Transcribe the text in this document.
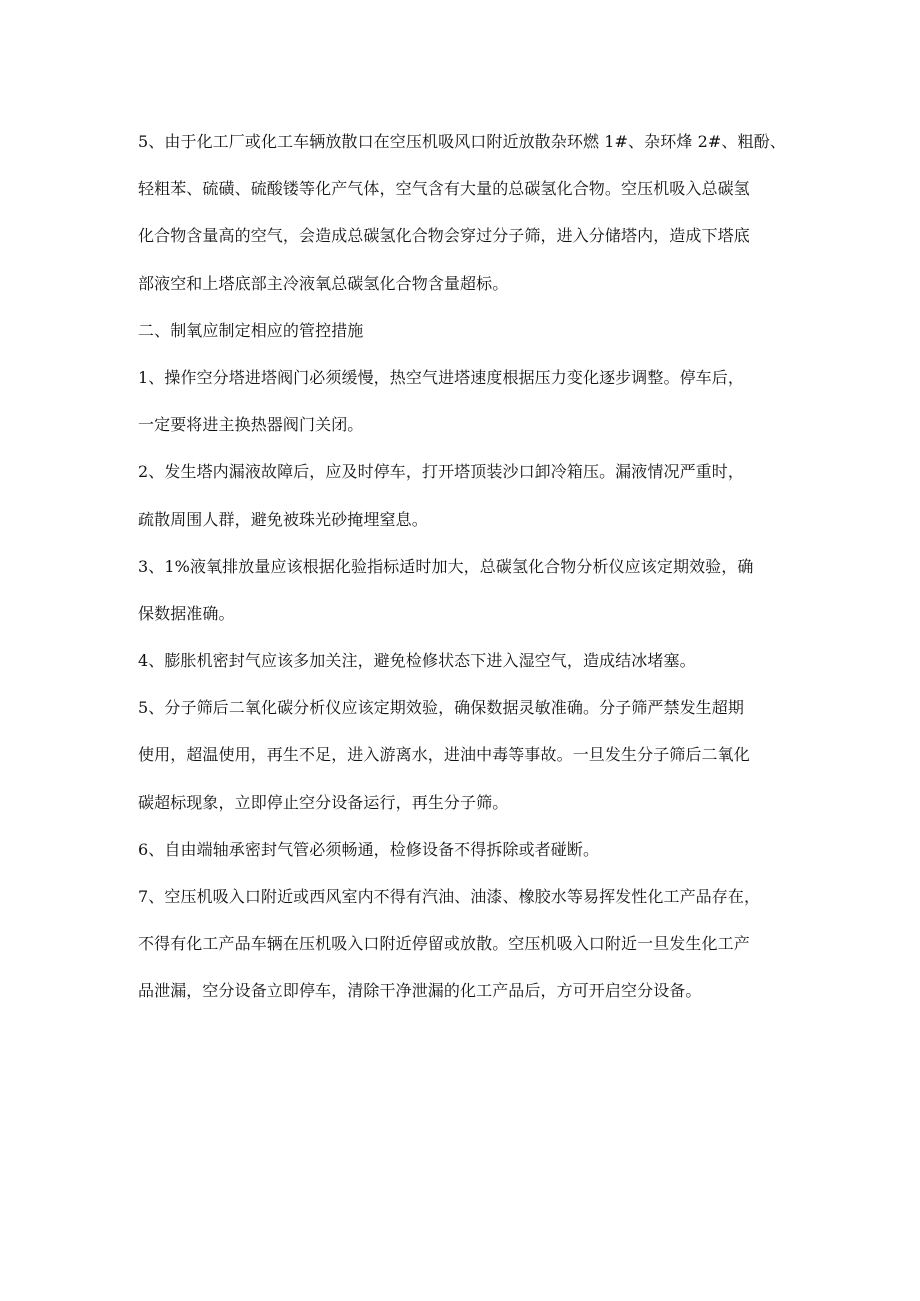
5、由于化工厂或化工车辆放散口在空压机吸风口附近放散杂环燃 1#、杂环烽 2#、粗酚、
轻粗苯、硫磺、硫酸镂等化产气体，空气含有大量的总碳氢化合物。空压机吸入总碳氢
化合物含量高的空气，会造成总碳氢化合物会穿过分子筛，进入分储塔内，造成下塔底
部液空和上塔底部主冷液氧总碳氢化合物含量超标。
二、制氧应制定相应的管控措施
1、操作空分塔进塔阀门必须缓慢，热空气进塔速度根据压力变化逐步调整。停车后，
一定要将进主换热器阀门关闭。
2、发生塔内漏液故障后，应及时停车，打开塔顶装沙口卸冷箱压。漏液情况严重时，
疏散周围人群，避免被珠光砂掩埋窒息。
3、1%液氧排放量应该根据化验指标适时加大，总碳氢化合物分析仪应该定期效验，确
保数据准确。
4、膨胀机密封气应该多加关注，避免检修状态下进入湿空气，造成结冰堵塞。
5、分子筛后二氧化碳分析仪应该定期效验，确保数据灵敏准确。分子筛严禁发生超期
使用，超温使用，再生不足，进入游离水，进油中毒等事故。一旦发生分子筛后二氧化
碳超标现象，立即停止空分设备运行，再生分子筛。
6、自由端轴承密封气管必须畅通，检修设备不得拆除或者碰断。
7、空压机吸入口附近或西风室内不得有汽油、油漆、橡胶水等易挥发性化工产品存在，
不得有化工产品车辆在压机吸入口附近停留或放散。空压机吸入口附近一旦发生化工产
品泄漏，空分设备立即停车，清除干净泄漏的化工产品后，方可开启空分设备。
